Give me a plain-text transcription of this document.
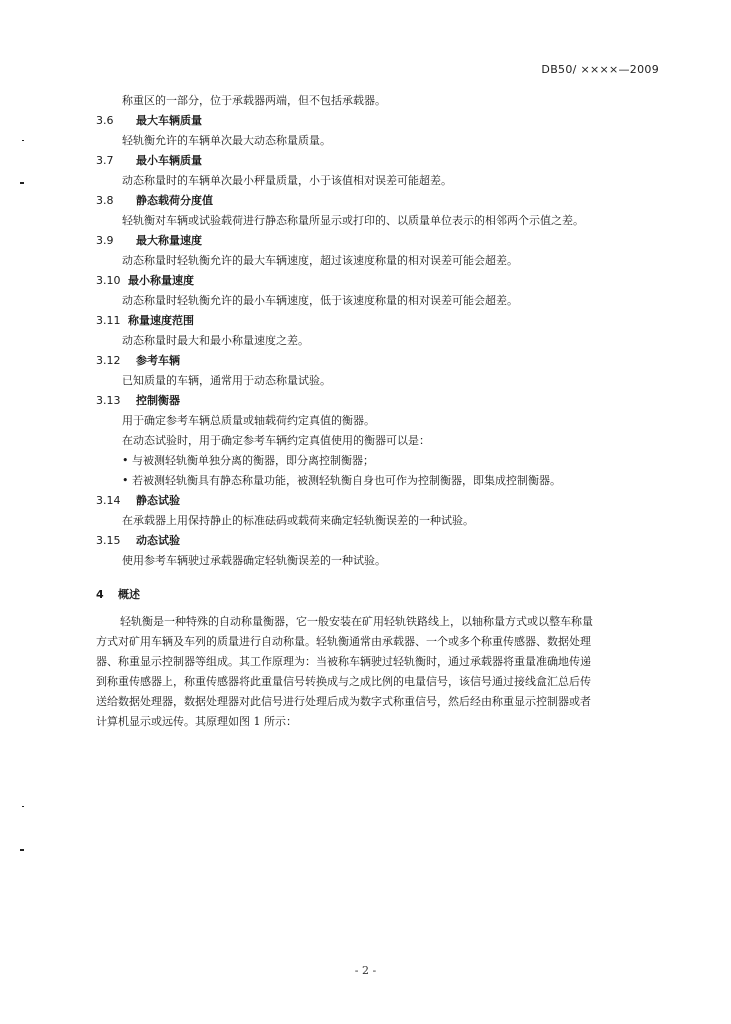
DB50/ ××××—2009
称重区的一部分，位于承载器两端，但不包括承载器。
3.6 最大车辆质量
轻轨衡允许的车辆单次最大动态称量质量。
3.7 最小车辆质量
动态称量时的车辆单次最小秤量质量，小于该值相对误差可能超差。
3.8 静态载荷分度值
轻轨衡对车辆或试验载荷进行静态称量所显示或打印的、以质量单位表示的相邻两个示值之差。
3.9 最大称量速度
动态称量时轻轨衡允许的最大车辆速度，超过该速度称量的相对误差可能会超差。
3.10 最小称量速度
动态称量时轻轨衡允许的最小车辆速度，低于该速度称量的相对误差可能会超差。
3.11 称量速度范围
动态称量时最大和最小称量速度之差。
3.12 参考车辆
已知质量的车辆，通常用于动态称量试验。
3.13 控制衡器
用于确定参考车辆总质量或轴载荷约定真值的衡器。
在动态试验时，用于确定参考车辆约定真值使用的衡器可以是：
• 与被测轻轨衡单独分离的衡器，即分离控制衡器；
• 若被测轻轨衡具有静态称量功能，被测轻轨衡自身也可作为控制衡器，即集成控制衡器。
3.14 静态试验
在承载器上用保持静止的标准砝码或载荷来确定轻轨衡误差的一种试验。
3.15 动态试验
使用参考车辆驶过承载器确定轻轨衡误差的一种试验。
4 概述
轻轨衡是一种特殊的自动称量衡器，它一般安装在矿用轻轨铁路线上，以轴称量方式或以整车称量
方式对矿用车辆及车列的质量进行自动称量。轻轨衡通常由承载器、一个或多个称重传感器、数据处理
器、称重显示控制器等组成。其工作原理为：当被称车辆驶过轻轨衡时，通过承载器将重量准确地传递
到称重传感器上，称重传感器将此重量信号转换成与之成比例的电量信号，该信号通过接线盒汇总后传
送给数据处理器，数据处理器对此信号进行处理后成为数字式称重信号，然后经由称重显示控制器或者
计算机显示或远传。其原理如图 1 所示：
- 2 -
